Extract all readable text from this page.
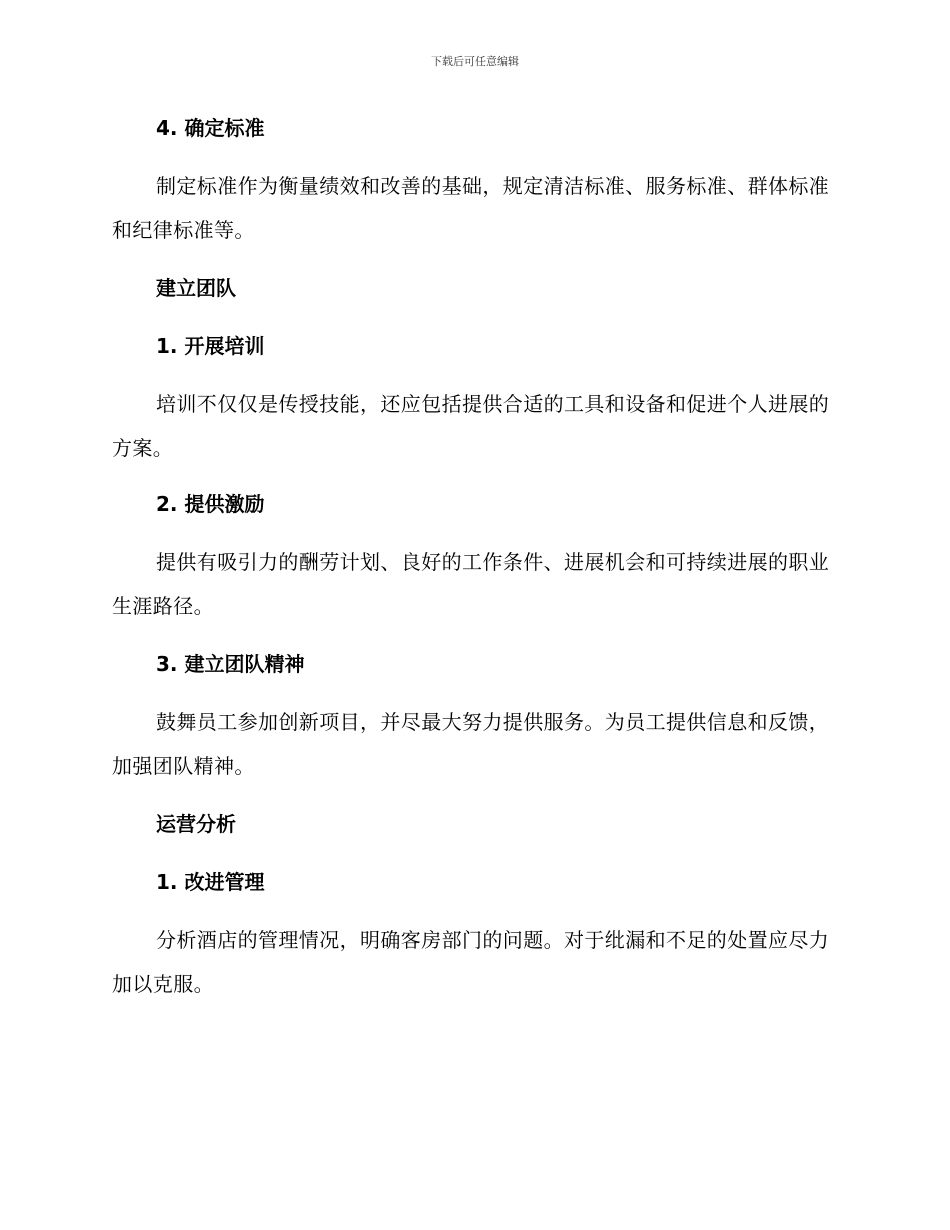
下载后可任意编辑
4. 确定标准

制定标准作为衡量绩效和改善的基础，规定清洁标准、服务标准、群体标准和纪律标准等。

建立团队
1. 开展培训

培训不仅仅是传授技能，还应包括提供合适的工具和设备和促进个人进展的方案。

2. 提供激励

提供有吸引力的酬劳计划、良好的工作条件、进展机会和可持续进展的职业生涯路径。

3. 建立团队精神

鼓舞员工参加创新项目，并尽最大努力提供服务。为员工提供信息和反馈，加强团队精神。

运营分析
1. 改进管理

分析酒店的管理情况，明确客房部门的问题。对于纰漏和不足的处置应尽力加以克服。
